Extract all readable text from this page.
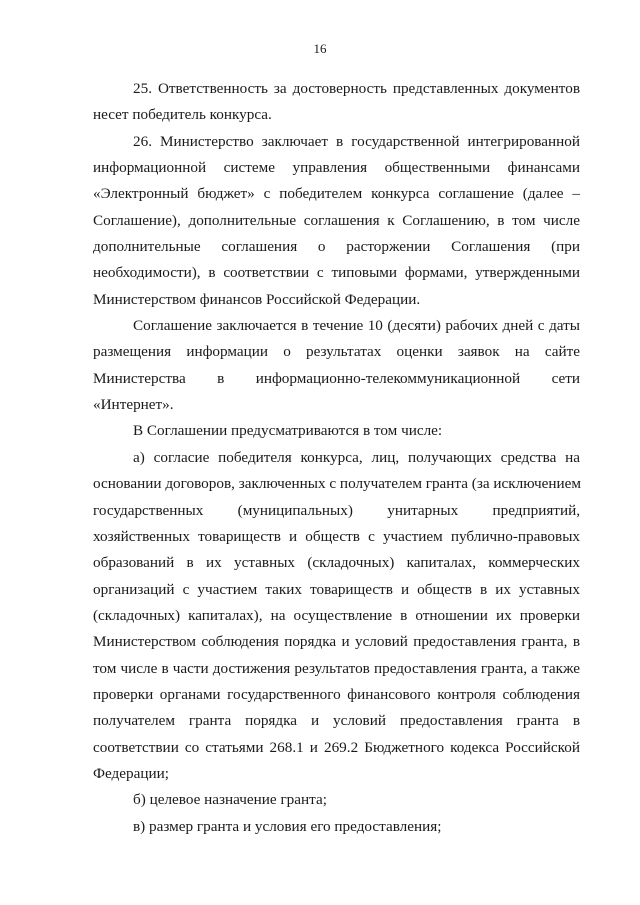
16
25. Ответственность за достоверность представленных документов
несет победитель конкурса.
26. Министерство заключает в государственной интегрированной
информационной системе управления общественными финансами
«Электронный бюджет» с победителем конкурса соглашение (далее –
Соглашение), дополнительные соглашения к Соглашению, в том числе
дополнительные соглашения о расторжении Соглашения (при
необходимости), в соответствии с типовыми формами, утвержденными
Министерством финансов Российской Федерации.
Соглашение заключается в течение 10 (десяти) рабочих дней с даты
размещения информации о результатах оценки заявок на сайте
Министерства в информационно-телекоммуникационной сети
«Интернет».
В Соглашении предусматриваются в том числе:
а) согласие победителя конкурса, лиц, получающих средства на
основании договоров, заключенных с получателем гранта (за исключением
государственных (муниципальных) унитарных предприятий,
хозяйственных товариществ и обществ с участием публично-правовых
образований в их уставных (складочных) капиталах, коммерческих
организаций с участием таких товариществ и обществ в их уставных
(складочных) капиталах), на осуществление в отношении их проверки
Министерством соблюдения порядка и условий предоставления гранта, в
том числе в части достижения результатов предоставления гранта, а также
проверки органами государственного финансового контроля соблюдения
получателем гранта порядка и условий предоставления гранта в
соответствии со статьями 268.1 и 269.2 Бюджетного кодекса Российской
Федерации;
б) целевое назначение гранта;
в) размер гранта и условия его предоставления;
